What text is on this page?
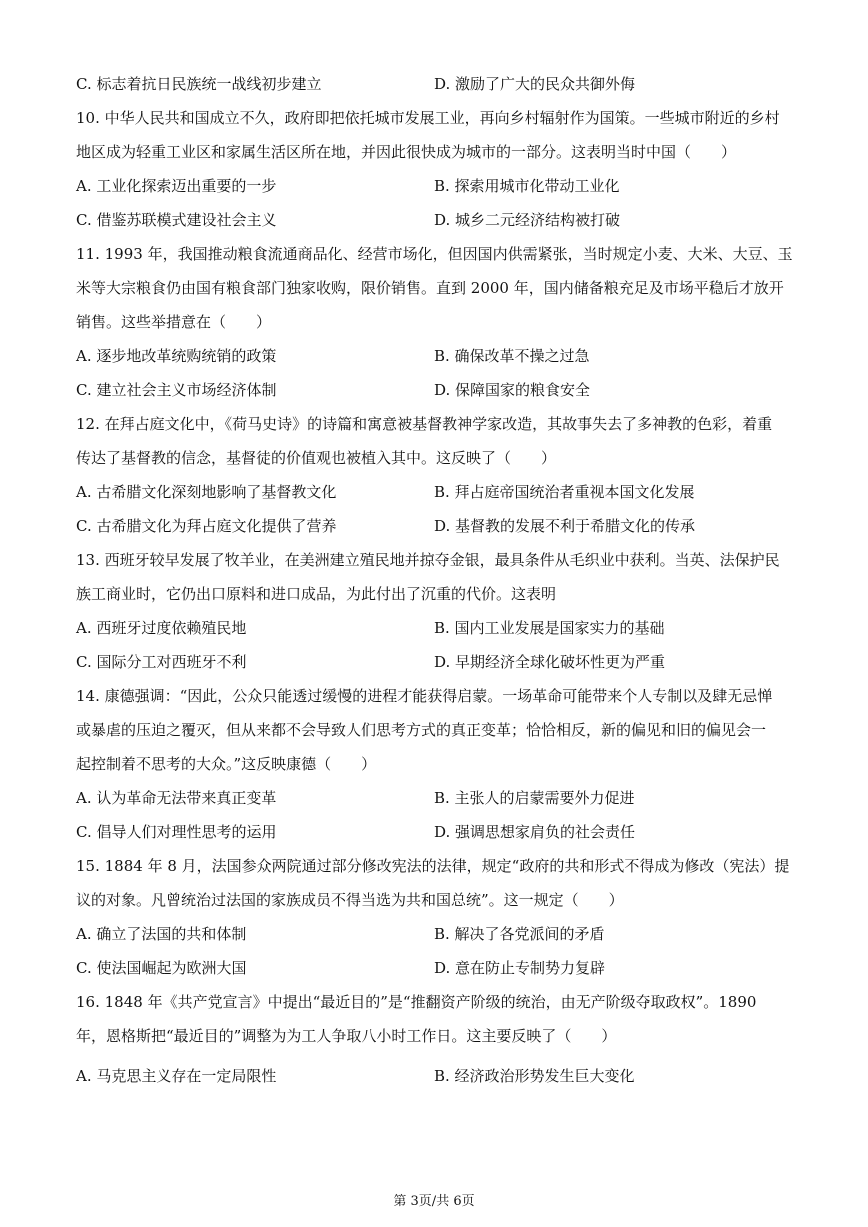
C. 标志着抗日民族统一战线初步建立	D. 激励了广大的民众共御外侮
10. 中华人民共和国成立不久，政府即把依托城市发展工业，再向乡村辐射作为国策。一些城市附近的乡村
地区成为轻重工业区和家属生活区所在地，并因此很快成为城市的一部分。这表明当时中国（　　）
A. 工业化探索迈出重要的一步	B. 探索用城市化带动工业化
C. 借鉴苏联模式建设社会主义	D. 城乡二元经济结构被打破
11. 1993 年，我国推动粮食流通商品化、经营市场化，但因国内供需紧张，当时规定小麦、大米、大豆、玉
米等大宗粮食仍由国有粮食部门独家收购，限价销售。直到 2000 年，国内储备粮充足及市场平稳后才放开
销售。这些举措意在（　　）
A. 逐步地改革统购统销的政策	B. 确保改革不操之过急
C. 建立社会主义市场经济体制	D. 保障国家的粮食安全
12. 在拜占庭文化中，《荷马史诗》的诗篇和寓意被基督教神学家改造，其故事失去了多神教的色彩，着重
传达了基督教的信念，基督徒的价值观也被植入其中。这反映了（　　）
A. 古希腊文化深刻地影响了基督教文化	B. 拜占庭帝国统治者重视本国文化发展
C. 古希腊文化为拜占庭文化提供了营养	D. 基督教的发展不利于希腊文化的传承
13. 西班牙较早发展了牧羊业，在美洲建立殖民地并掠夺金银，最具条件从毛织业中获利。当英、法保护民
族工商业时，它仍出口原料和进口成品，为此付出了沉重的代价。这表明
A. 西班牙过度依赖殖民地	B. 国内工业发展是国家实力的基础
C. 国际分工对西班牙不利	D. 早期经济全球化破坏性更为严重
14. 康德强调：“因此，公众只能透过缓慢的进程才能获得启蒙。一场革命可能带来个人专制以及肆无忌惮
或暴虐的压迫之覆灭，但从来都不会导致人们思考方式的真正变革；恰恰相反，新的偏见和旧的偏见会一
起控制着不思考的大众。”这反映康德（　　）
A. 认为革命无法带来真正变革	B. 主张人的启蒙需要外力促进
C. 倡导人们对理性思考的运用	D. 强调思想家肩负的社会责任
15. 1884 年 8 月，法国参众两院通过部分修改宪法的法律，规定“政府的共和形式不得成为修改（宪法）提
议的对象。凡曾统治过法国的家族成员不得当选为共和国总统”。这一规定（　　）
A. 确立了法国的共和体制	B. 解决了各党派间的矛盾
C. 使法国崛起为欧洲大国	D. 意在防止专制势力复辟
16. 1848 年《共产党宣言》中提出“最近目的”是“推翻资产阶级的统治，由无产阶级夺取政权”。1890
年，恩格斯把“最近目的”调整为为工人争取八小时工作日。这主要反映了（　　）
A. 马克思主义存在一定局限性	B. 经济政治形势发生巨大变化
第 3页/共 6页
